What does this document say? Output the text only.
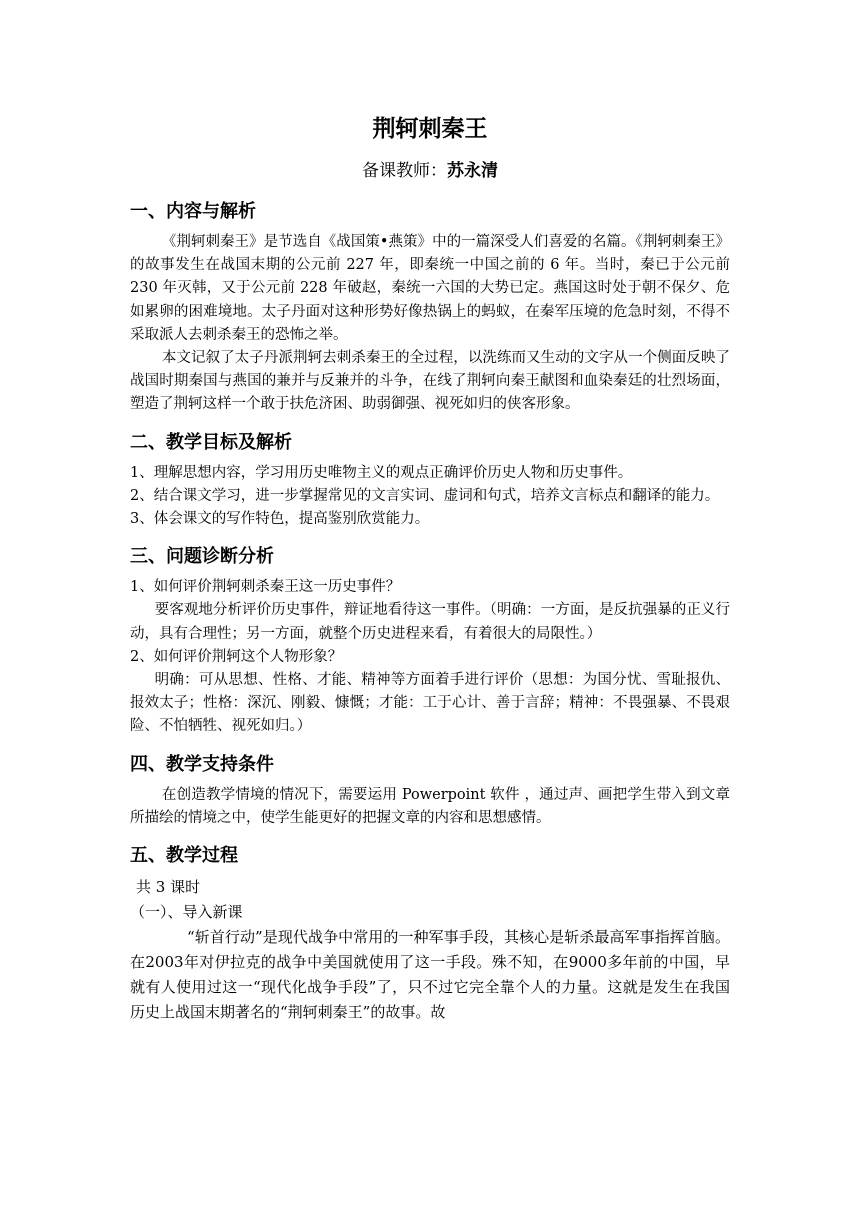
荆轲刺秦王
备课教师：苏永清
一、内容与解析

《荆轲刺秦王》是节选自《战国策•燕策》中的一篇深受人们喜爱的名篇。《荆轲刺秦王》的故事发生在战国末期的公元前 227 年，即秦统一中国之前的 6 年。当时，秦已于公元前 230 年灭韩，又于公元前 228 年破赵，秦统一六国的大势已定。燕国这时处于朝不保夕、危如累卵的困难境地。太子丹面对这种形势好像热锅上的蚂蚁，在秦军压境的危急时刻，不得不采取派人去刺杀秦王的恐怖之举。

本文记叙了太子丹派荆轲去刺杀秦王的全过程，以洗练而又生动的文字从一个侧面反映了战国时期秦国与燕国的兼并与反兼并的斗争，在线了荆轲向秦王献图和血染秦廷的壮烈场面，塑造了荆轲这样一个敢于扶危济困、助弱御强、视死如归的侠客形象。

二、教学目标及解析

1、理解思想内容，学习用历史唯物主义的观点正确评价历史人物和历史事件。

2、结合课文学习，进一步掌握常见的文言实词、虚词和句式，培养文言标点和翻译的能力。

3、体会课文的写作特色，提高鉴别欣赏能力。

三、问题诊断分析

1、如何评价荆轲刺杀秦王这一历史事件？

要客观地分析评价历史事件，辩证地看待这一事件。（明确：一方面，是反抗强暴的正义行动，具有合理性；另一方面，就整个历史进程来看，有着很大的局限性。）

2、如何评价荆轲这个人物形象？

明确：可从思想、性格、才能、精神等方面着手进行评价（思想：为国分忧、雪耻报仇、报效太子；性格：深沉、刚毅、慷慨；才能：工于心计、善于言辞；精神：不畏强暴、不畏艰险、不怕牺牲、视死如归。）

四、教学支持条件

在创造教学情境的情况下，需要运用 Powerpoint 软件 ，通过声、画把学生带入到文章所描绘的情境之中，使学生能更好的把握文章的内容和思想感情。

五、教学过程

共 3 课时

（一）、导入新课

“斩首行动”是现代战争中常用的一种军事手段，其核心是斩杀最高军事指挥首脑。在2003年对伊拉克的战争中美国就使用了这一手段。殊不知，在9000多年前的中国，早就有人使用过这一“现代化战争手段”了，只不过它完全靠个人的力量。这就是发生在我国历史上战国末期著名的“荆轲刺秦王”的故事。故
